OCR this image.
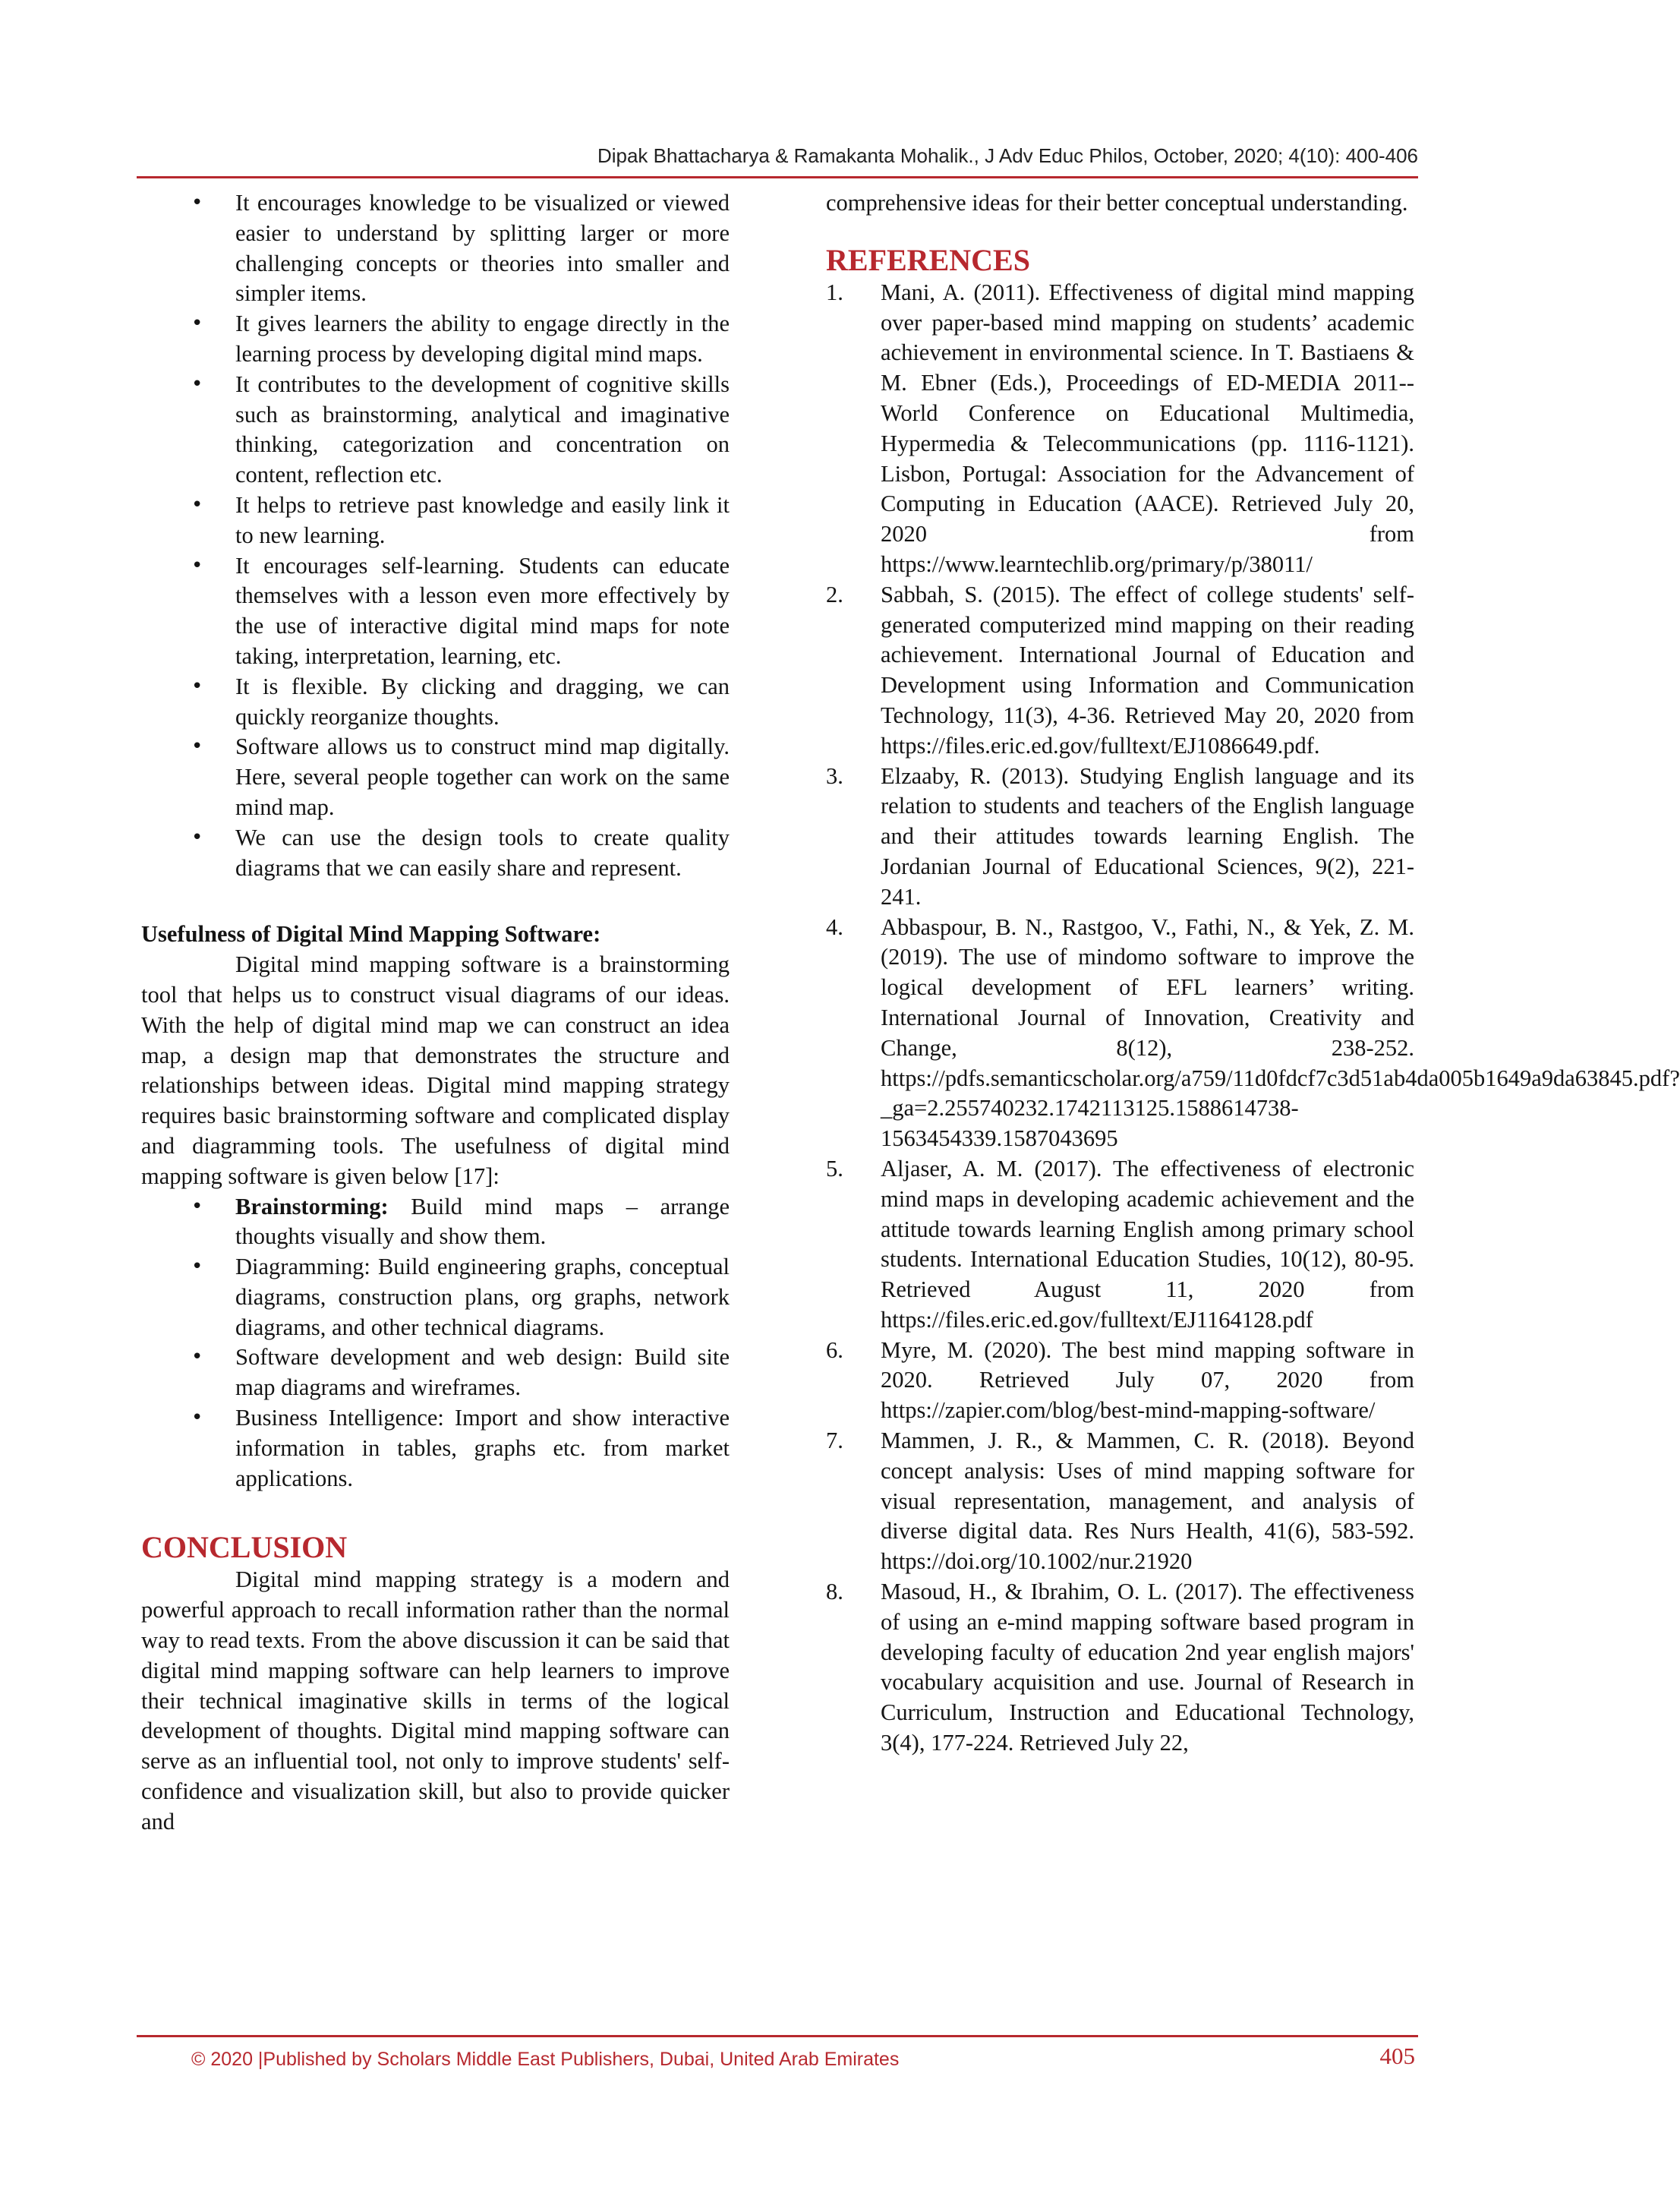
Dipak Bhattacharya & Ramakanta Mohalik., J Adv Educ Philos, October, 2020; 4(10): 400-406
• It encourages knowledge to be visualized or viewed easier to understand by splitting larger or more challenging concepts or theories into smaller and simpler items.
• It gives learners the ability to engage directly in the learning process by developing digital mind maps.
• It contributes to the development of cognitive skills such as brainstorming, analytical and imaginative thinking, categorization and concentration on content, reflection etc.
• It helps to retrieve past knowledge and easily link it to new learning.
• It encourages self-learning. Students can educate themselves with a lesson even more effectively by the use of interactive digital mind maps for note taking, interpretation, learning, etc.
• It is flexible. By clicking and dragging, we can quickly reorganize thoughts.
• Software allows us to construct mind map digitally. Here, several people together can work on the same mind map.
• We can use the design tools to create quality diagrams that we can easily share and represent.

Usefulness of Digital Mind Mapping Software:

Digital mind mapping software is a brainstorming tool that helps us to construct visual diagrams of our ideas. With the help of digital mind map we can construct an idea map, a design map that demonstrates the structure and relationships between ideas. Digital mind mapping strategy requires basic brainstorming software and complicated display and diagramming tools. The usefulness of digital mind mapping software is given below [17]:

• Brainstorming: Build mind maps – arrange thoughts visually and show them.
• Diagramming: Build engineering graphs, conceptual diagrams, construction plans, org graphs, network diagrams, and other technical diagrams.
• Software development and web design: Build site map diagrams and wireframes.
• Business Intelligence: Import and show interactive information in tables, graphs etc. from market applications.
CONCLUSION

Digital mind mapping strategy is a modern and powerful approach to recall information rather than the normal way to read texts. From the above discussion it can be said that digital mind mapping software can help learners to improve their technical imaginative skills in terms of the logical development of thoughts. Digital mind mapping software can serve as an influential tool, not only to improve students' self-confidence and visualization skill, but also to provide quicker and

comprehensive ideas for their better conceptual understanding.

REFERENCES
1. Mani, A. (2011). Effectiveness of digital mind mapping over paper-based mind mapping on students’ academic achievement in environmental science. In T. Bastiaens & M. Ebner (Eds.), Proceedings of ED-MEDIA 2011--World Conference on Educational Multimedia, Hypermedia & Telecommunications (pp. 1116-1121). Lisbon, Portugal: Association for the Advancement of Computing in Education (AACE). Retrieved July 20, 2020 from https://www.learntechlib.org/primary/p/38011/
2. Sabbah, S. (2015). The effect of college students' self-generated computerized mind mapping on their reading achievement. International Journal of Education and Development using Information and Communication Technology, 11(3), 4-36. Retrieved May 20, 2020 from https://files.eric.ed.gov/fulltext/EJ1086649.pdf.
3. Elzaaby, R. (2013). Studying English language and its relation to students and teachers of the English language and their attitudes towards learning English. The Jordanian Journal of Educational Sciences, 9(2), 221-241.
4. Abbaspour, B. N., Rastgoo, V., Fathi, N., & Yek, Z. M. (2019). The use of mindomo software to improve the logical development of EFL learners’ writing. International Journal of Innovation, Creativity and Change, 8(12), 238-252. https://pdfs.semanticscholar.org/a759/11d0fdcf7c3d51ab4da005b1649a9da63845.pdf?_ga=2.255740232.1742113125.1588614738-1563454339.1587043695
5. Aljaser, A. M. (2017). The effectiveness of electronic mind maps in developing academic achievement and the attitude towards learning English among primary school students. International Education Studies, 10(12), 80-95. Retrieved August 11, 2020 from https://files.eric.ed.gov/fulltext/EJ1164128.pdf
6. Myre, M. (2020). The best mind mapping software in 2020. Retrieved July 07, 2020 from https://zapier.com/blog/best-mind-mapping-software/
7. Mammen, J. R., & Mammen, C. R. (2018). Beyond concept analysis: Uses of mind mapping software for visual representation, management, and analysis of diverse digital data. Res Nurs Health, 41(6), 583-592. https://doi.org/10.1002/nur.21920
8. Masoud, H., & Ibrahim, O. L. (2017). The effectiveness of using an e-mind mapping software based program in developing faculty of education 2nd year english majors' vocabulary acquisition and use. Journal of Research in Curriculum, Instruction and Educational Technology, 3(4), 177-224. Retrieved July 22,
© 2020 |Published by Scholars Middle East Publishers, Dubai, United Arab Emirates	405
